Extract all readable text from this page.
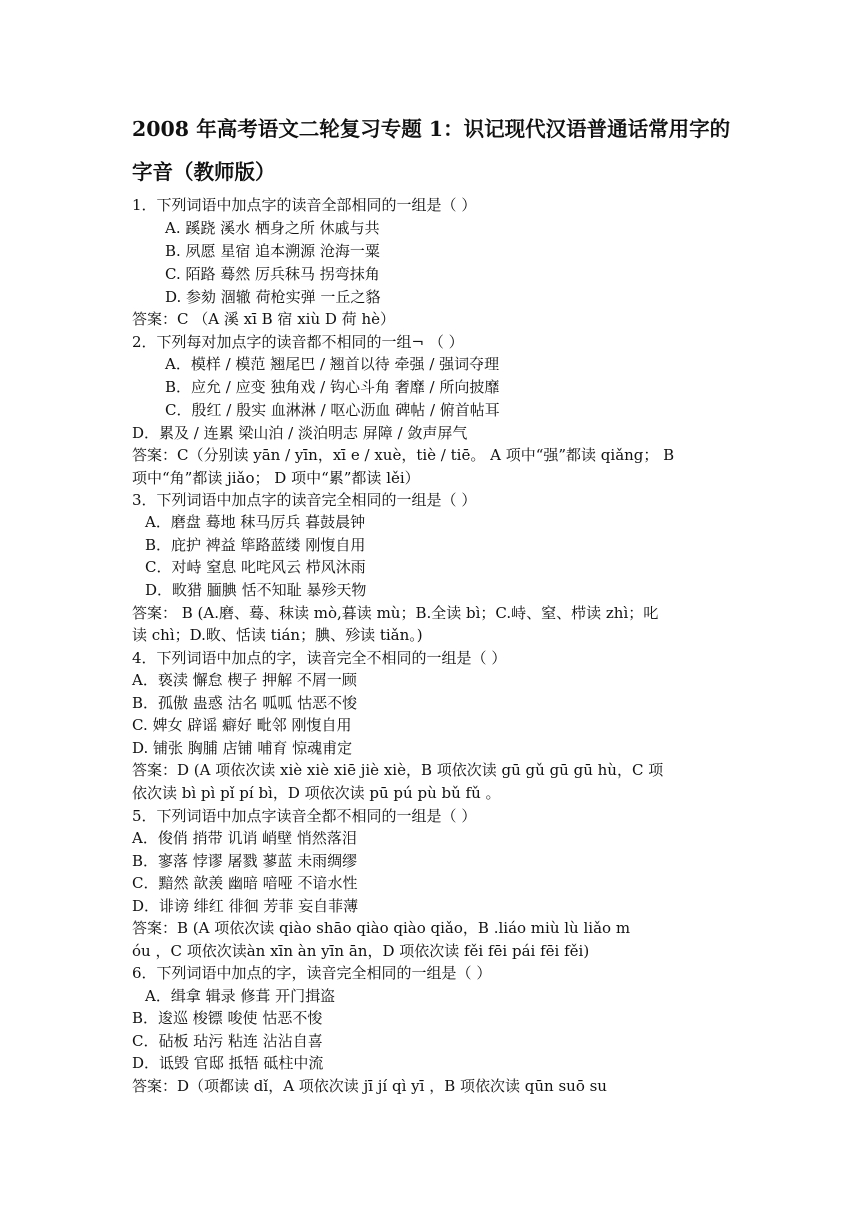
2008 年高考语文二轮复习专题 1：识记现代汉语普通话常用字的
字音（教师版）
1．下列词语中加点字的读音全部相同的一组是（ ）
A. 蹊跷 溪水 栖身之所 休戚与共
B. 夙愿 星宿 追本溯源 沧海一粟
C. 陌路 蓦然 厉兵秣马 拐弯抹角
D. 参劾 涸辙 荷枪实弹 一丘之貉
答案：C （A 溪 xī B 宿 xiù D 荷 hè）
2．下列每对加点字的读音都不相同的一组¬ （ ）
A．模样 / 模范 翘尾巴 / 翘首以待 牵强 / 强词夺理
B．应允 / 应变 独角戏 / 钩心斗角 奢靡 / 所向披靡
C．殷红 / 殷实 血淋淋 / 呕心沥血 碑帖 / 俯首帖耳
D．累及 / 连累 梁山泊 / 淡泊明志 屏障 / 敛声屏气
答案：C（分别读 yān / yīn，xī e / xuè，tiè / tiē。 A 项中“强”都读 qiǎng； B
项中“角”都读 jiǎo； D 项中“累”都读 lěi）
3．下列词语中加点字的读音完全相同的一组是（ ）
A．磨盘 蓦地 秣马厉兵 暮鼓晨钟
B．庇护 裨益 筚路蓝缕 刚愎自用
C．对峙 窒息 叱咤风云 栉风沐雨
D．畋猎 腼腆 恬不知耻 暴殄天物
答案： B (A.磨、蓦、秣读 mò,暮读 mù；B.全读 bì；C.峙、窒、栉读 zhì；叱
读 chì；D.畋、恬读 tián；腆、殄读 tiǎn。)
4．下列词语中加点的字，读音完全不相同的一组是（ ）
A．亵渎 懈怠 楔子 押解 不屑一顾
B．孤傲 蛊惑 沽名 呱呱 怙恶不悛
C. 婢女 辟谣 癖好 毗邻 刚愎自用
D. 铺张 胸脯 店铺 哺育 惊魂甫定
答案：D (A 项依次读 xiè xiè xiē jiè xiè，B 项依次读 gū gǔ gū gū hù，C 项
依次读 bì pì pǐ pí bì，D 项依次读 pū pú pù bǔ fǔ 。
5．下列词语中加点字读音全都不相同的一组是（ ）
A．俊俏 捎带 讥诮 峭壁 悄然落泪
B．寥落 悖谬 屠戮 蓼蓝 未雨绸缪
C．黯然 歆羡 幽暗 喑哑 不谙水性
D．诽谤 绯红 徘徊 芳菲 妄自菲薄
答案：B (A 项依次读 qiào shāo qiào qiào qiǎo，B .liáo miù lù liǎo m
óu ，C 项依次读àn xīn àn yīn ān，D 项依次读 fěi fēi pái fēi fěi)
6．下列词语中加点的字，读音完全相同的一组是（ ）
A．缉拿 辑录 修葺 开门揖盗
B．逡巡 梭镖 唆使 怙恶不悛
C．砧板 玷污 粘连 沾沾自喜
D．诋毁 官邸 抵牾 砥柱中流
答案：D（项都读 dǐ，A 项依次读 jī jí qì yī ，B 项依次读 qūn suō su
